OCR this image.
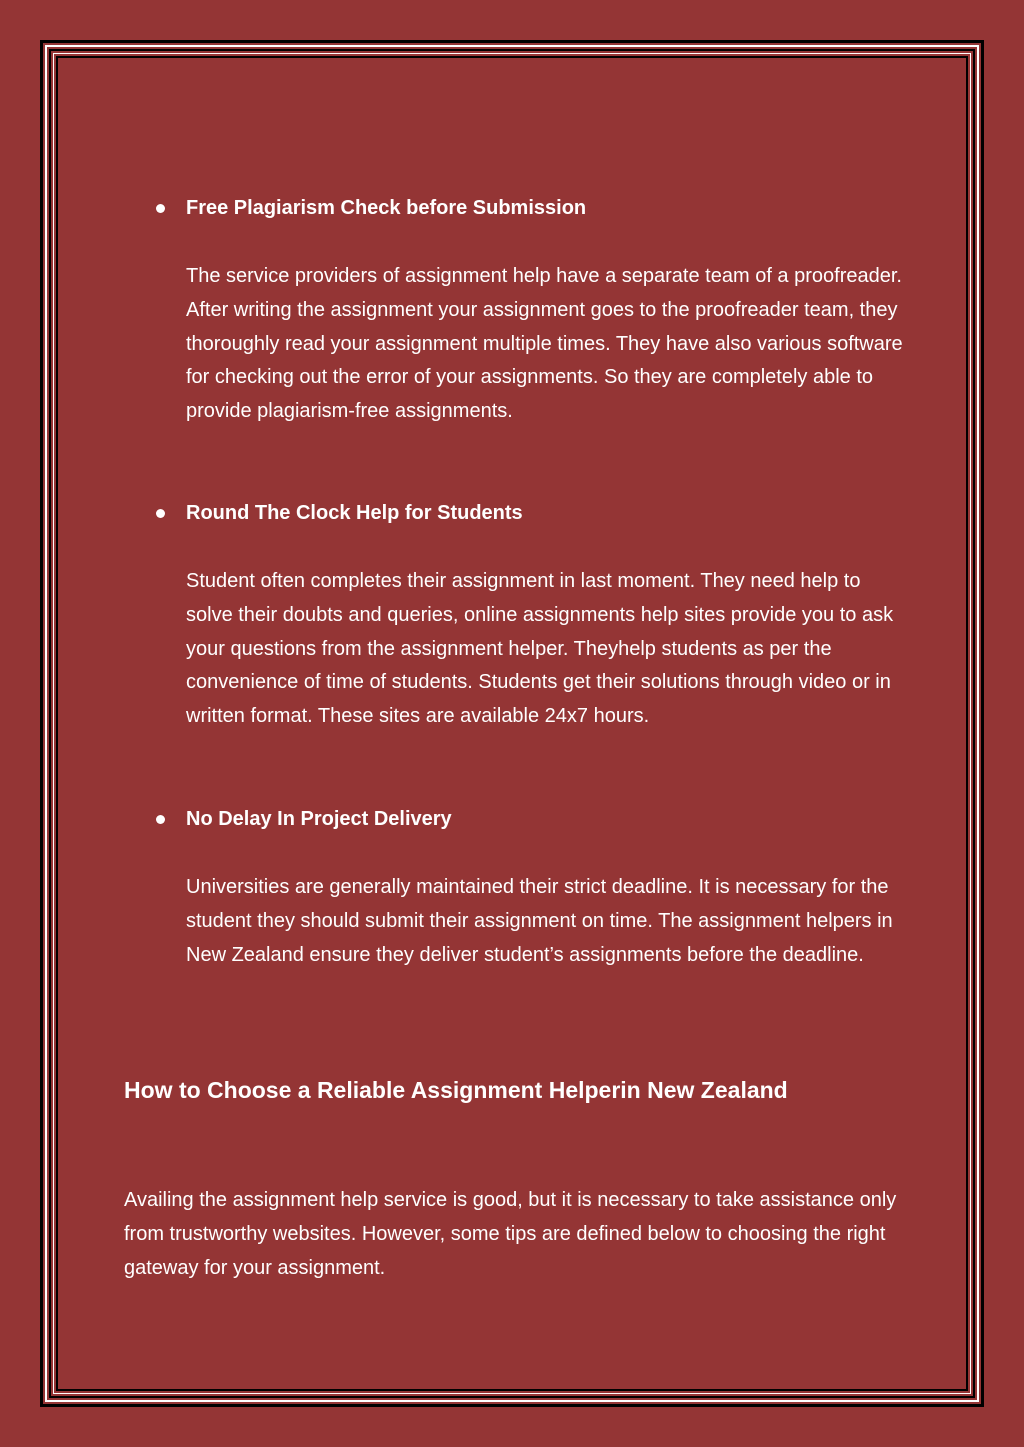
Free Plagiarism Check before Submission

The service providers of assignment help have a separate team of a proofreader. After writing the assignment your assignment goes to the proofreader team, they thoroughly read your assignment multiple times. They have also various software for checking out the error of your assignments. So they are completely able to provide plagiarism-free assignments.

Round The Clock Help for Students

Student often completes their assignment in last moment. They need help to solve their doubts and queries, online assignments help sites provide you to ask your questions from the assignment helper. Theyhelp students as per the convenience of time of students. Students get their solutions through video or in written format. These sites are available 24x7 hours.

No Delay In Project Delivery

Universities are generally maintained their strict deadline. It is necessary for the student they should submit their assignment on time. The assignment helpers in New Zealand ensure they deliver student’s assignments before the deadline.

How to Choose a Reliable Assignment Helperin New Zealand

Availing the assignment help service is good, but it is necessary to take assistance only from trustworthy websites. However, some tips are defined below to choosing the right gateway for your assignment.
